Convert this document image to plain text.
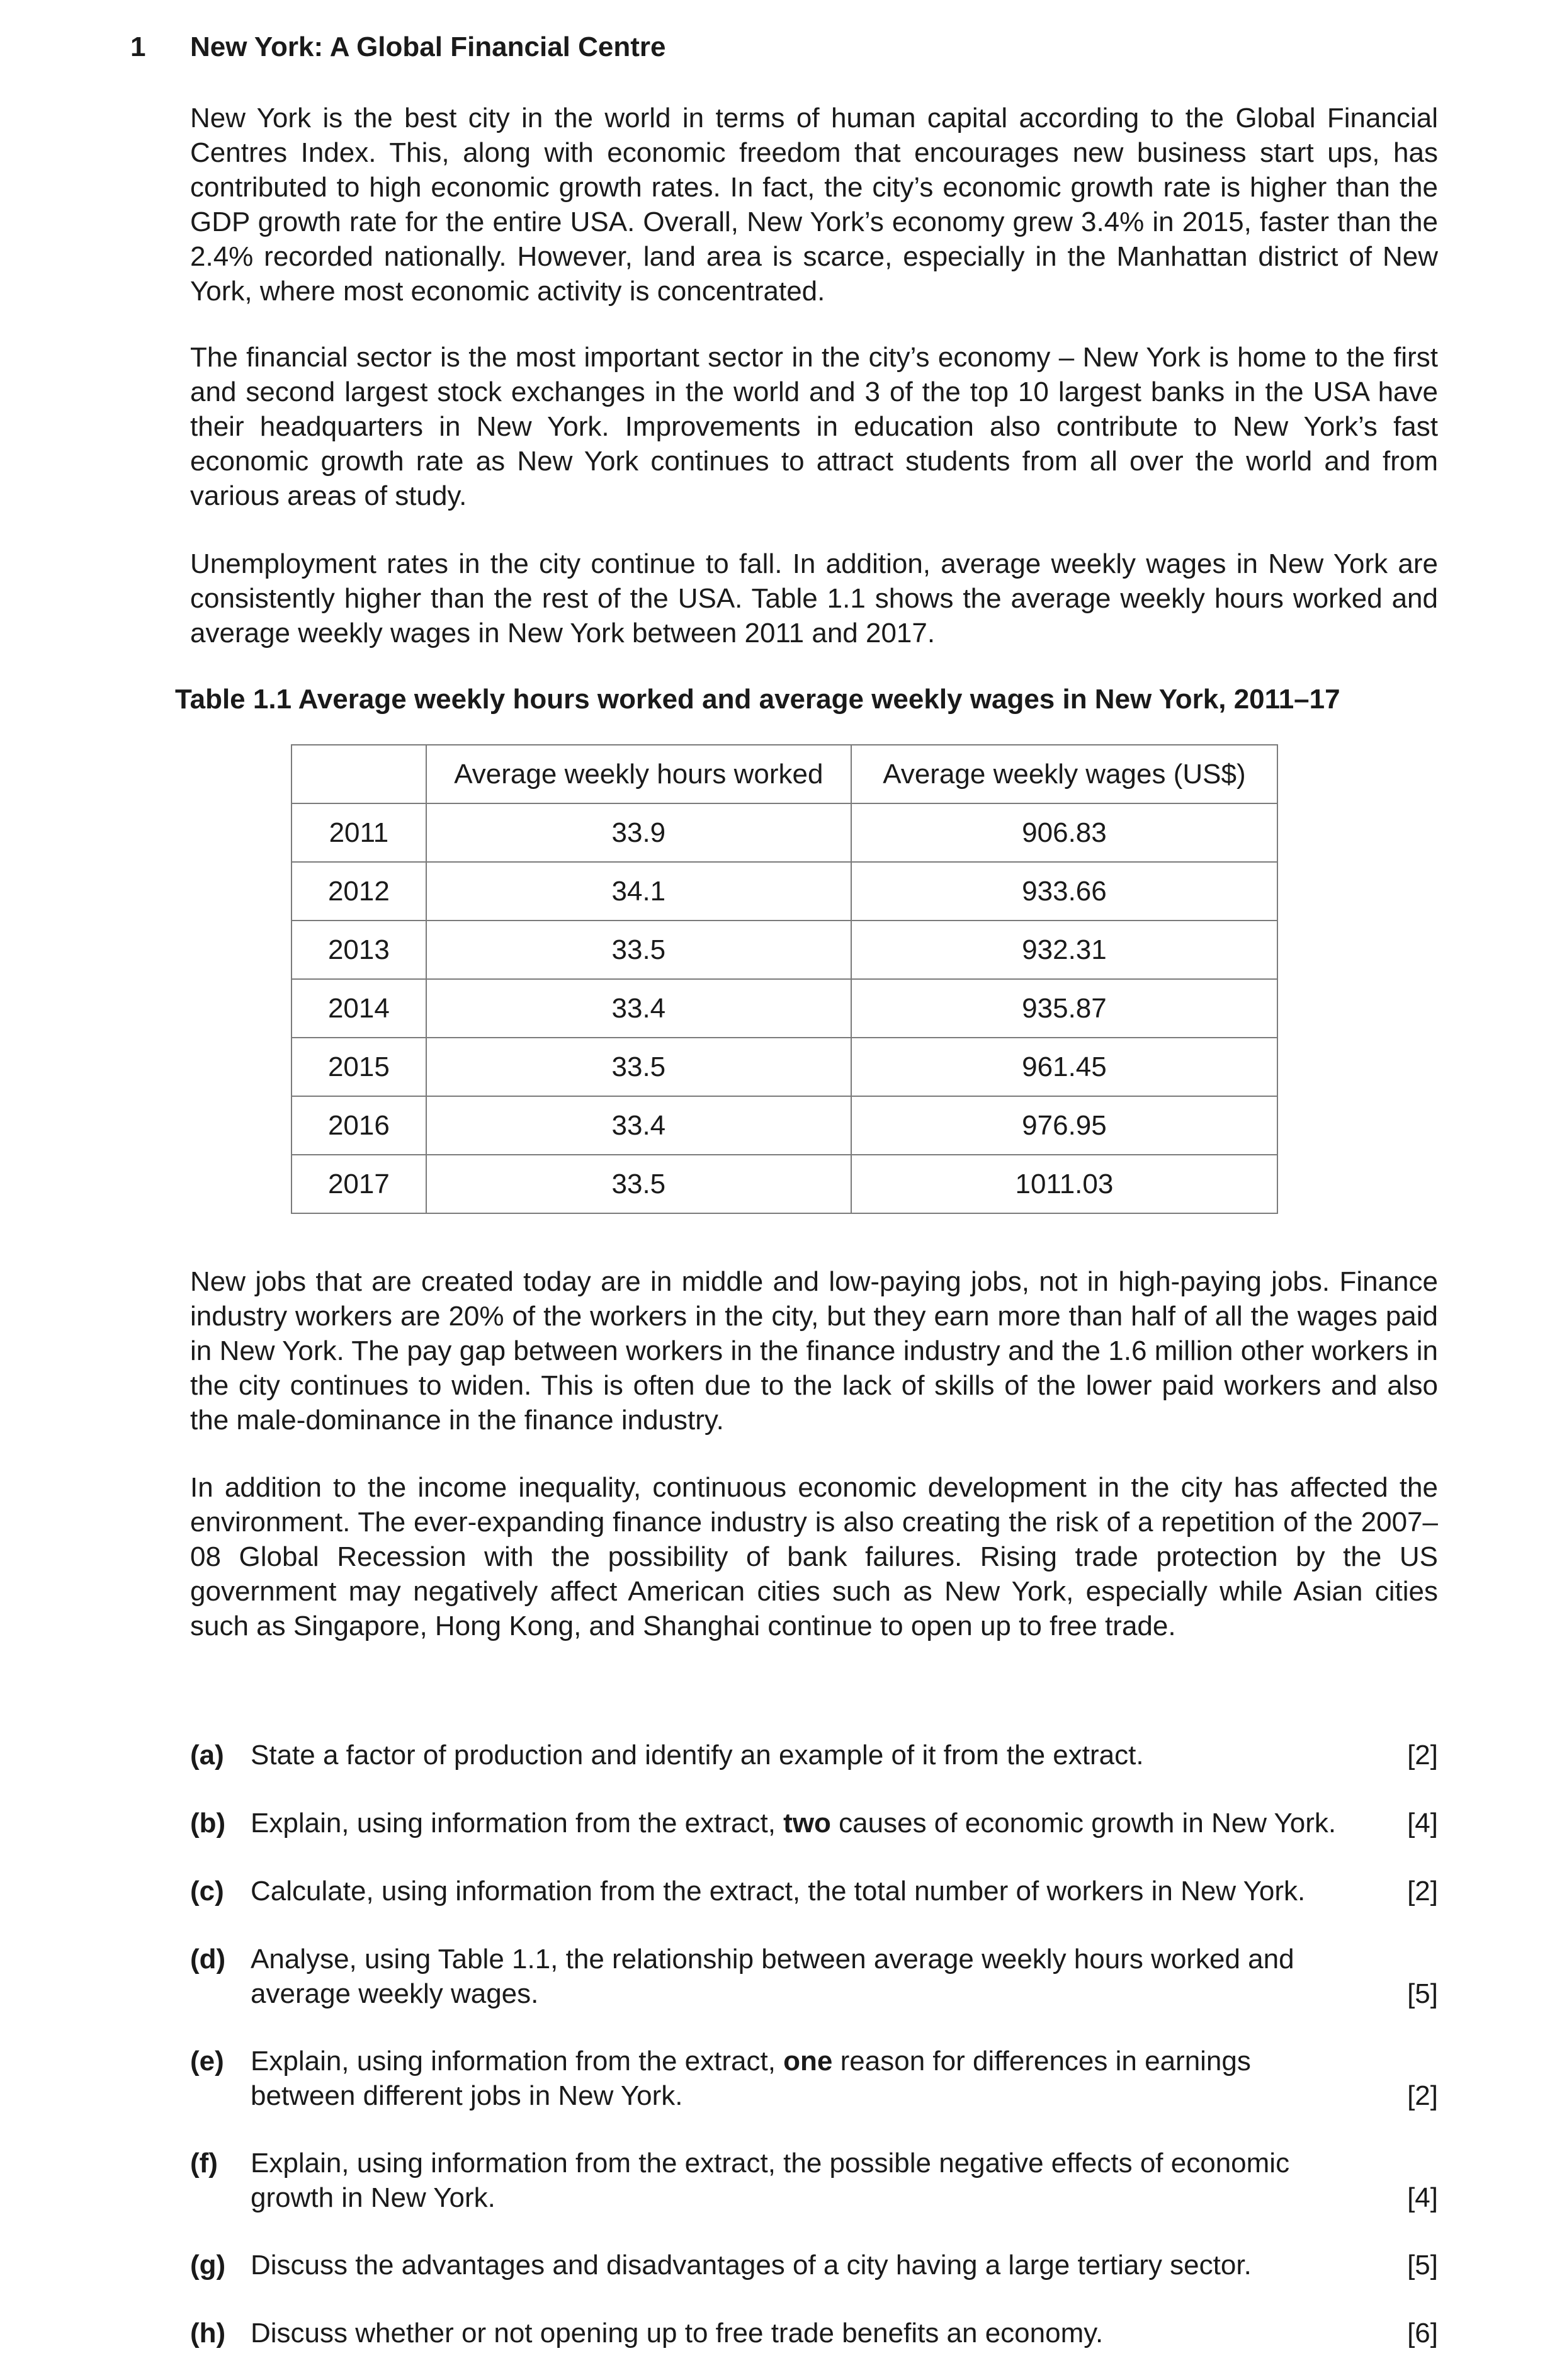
1 New York: A Global Financial Centre

New York is the best city in the world in terms of human capital according to the Global Financial Centres Index. This, along with economic freedom that encourages new business start ups, has contributed to high economic growth rates. In fact, the city’s economic growth rate is higher than the GDP growth rate for the entire USA. Overall, New York’s economy grew 3.4% in 2015, faster than the 2.4% recorded nationally. However, land area is scarce, especially in the Manhattan district of New York, where most economic activity is concentrated.

The financial sector is the most important sector in the city’s economy – New York is home to the first and second largest stock exchanges in the world and 3 of the top 10 largest banks in the USA have their headquarters in New York. Improvements in education also contribute to New York’s fast economic growth rate as New York continues to attract students from all over the world and from various areas of study.

Unemployment rates in the city continue to fall. In addition, average weekly wages in New York are consistently higher than the rest of the USA. Table 1.1 shows the average weekly hours worked and average weekly wages in New York between 2011 and 2017.

Table 1.1 Average weekly hours worked and average weekly wages in New York, 2011–17
	Average weekly hours worked	Average weekly wages (US$)
2011	33.9	906.83
2012	34.1	933.66
2013	33.5	932.31
2014	33.4	935.87
2015	33.5	961.45
2016	33.4	976.95
2017	33.5	1011.03

New jobs that are created today are in middle and low-paying jobs, not in high-paying jobs. Finance industry workers are 20% of the workers in the city, but they earn more than half of all the wages paid in New York. The pay gap between workers in the finance industry and the 1.6 million other workers in the city continues to widen. This is often due to the lack of skills of the lower paid workers and also the male-dominance in the finance industry.

In addition to the income inequality, continuous economic development in the city has affected the environment. The ever-expanding finance industry is also creating the risk of a repetition of the 2007–08 Global Recession with the possibility of bank failures. Rising trade protection by the US government may negatively affect American cities such as New York, especially while Asian cities such as Singapore, Hong Kong, and Shanghai continue to open up to free trade.

(a) State a factor of production and identify an example of it from the extract.	[2]
(b) Explain, using information from the extract, two causes of economic growth in New York.	[4]
(c) Calculate, using information from the extract, the total number of workers in New York.	[2]
(d) Analyse, using Table 1.1, the relationship between average weekly hours worked and average weekly wages.	[5]
(e) Explain, using information from the extract, one reason for differences in earnings between different jobs in New York.	[2]
(f) Explain, using information from the extract, the possible negative effects of economic growth in New York.	[4]
(g) Discuss the advantages and disadvantages of a city having a large tertiary sector.	[5]
(h) Discuss whether or not opening up to free trade benefits an economy.	[6]
